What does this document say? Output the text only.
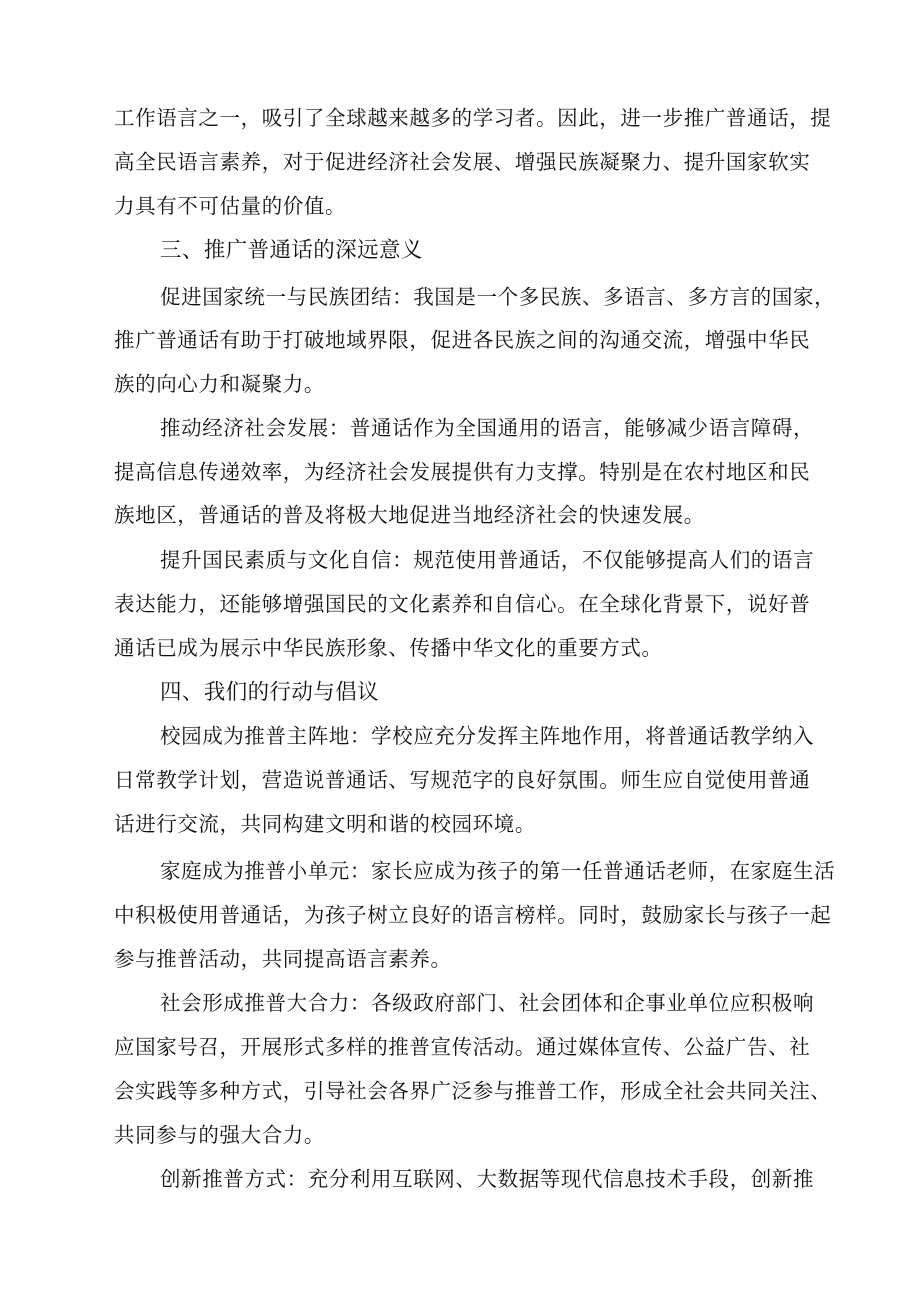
工作语言之一，吸引了全球越来越多的学习者。因此，进一步推广普通话，提
高全民语言素养，对于促进经济社会发展、增强民族凝聚力、提升国家软实
力具有不可估量的价值。
三、推广普通话的深远意义
促进国家统一与民族团结：我国是一个多民族、多语言、多方言的国家，
推广普通话有助于打破地域界限，促进各民族之间的沟通交流，增强中华民
族的向心力和凝聚力。
推动经济社会发展：普通话作为全国通用的语言，能够减少语言障碍，
提高信息传递效率，为经济社会发展提供有力支撑。特别是在农村地区和民
族地区，普通话的普及将极大地促进当地经济社会的快速发展。
提升国民素质与文化自信：规范使用普通话，不仅能够提高人们的语言
表达能力，还能够增强国民的文化素养和自信心。在全球化背景下，说好普
通话已成为展示中华民族形象、传播中华文化的重要方式。
四、我们的行动与倡议
校园成为推普主阵地：学校应充分发挥主阵地作用，将普通话教学纳入
日常教学计划，营造说普通话、写规范字的良好氛围。师生应自觉使用普通
话进行交流，共同构建文明和谐的校园环境。
家庭成为推普小单元：家长应成为孩子的第一任普通话老师，在家庭生活
中积极使用普通话，为孩子树立良好的语言榜样。同时，鼓励家长与孩子一起
参与推普活动，共同提高语言素养。
社会形成推普大合力：各级政府部门、社会团体和企事业单位应积极响
应国家号召，开展形式多样的推普宣传活动。通过媒体宣传、公益广告、社
会实践等多种方式，引导社会各界广泛参与推普工作，形成全社会共同关注、
共同参与的强大合力。
创新推普方式：充分利用互联网、大数据等现代信息技术手段，创新推
